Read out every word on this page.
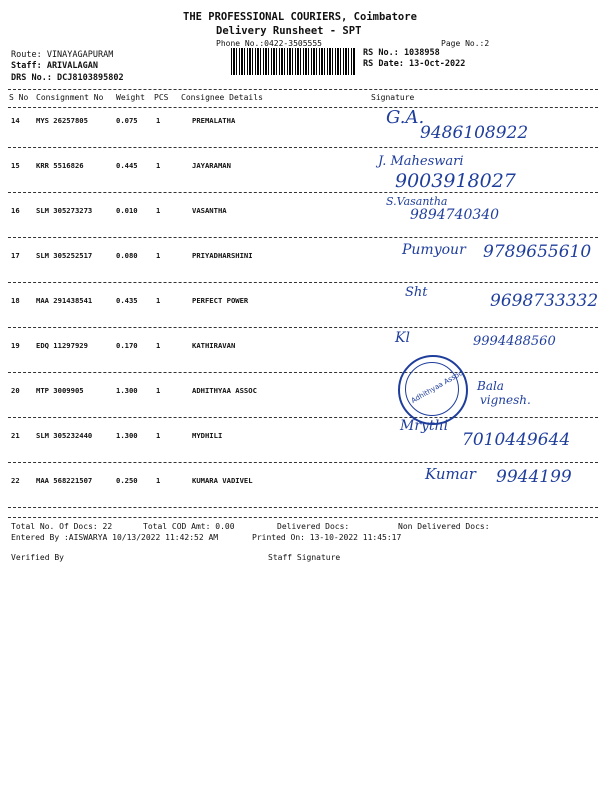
THE PROFESSIONAL COURIERS, Coimbatore
Delivery Runsheet - SPT
Phone No.:0422-3505555	Page No.:2
Route: VINAYAGAPURAM
Staff: ARIVALAGAN
DRS No.: DCJ8103895802
RS No.: 1038958
RS Date: 13-Oct-2022
S No Consignment No Weight PCS Consignee Details	Signature
14 MYS 26257805	0.075	1	PREMALATHA	G.A.
9486108922
15 KRR 5516826	0.445	1	JAYARAMAN	J. Maheswari
9003918027
16 SLM 305273273	0.010	1	VASANTHA
S.Vasantha
9894740340
17 SLM 305252517	0.080	1	PRIYADHARSHINI	Pumyour 9789655610
18 MAA 291438541	0.435	1	PERFECT POWER
Sht	9698733332
19 EDQ 11297929	0.170	1	KATHIRAVAN	Kl	9994488560
20 MTP 3009905	1.300	1	ADHITHYAA ASSOC	Bala
vignesh.
21 SLM 305232440	1.300	1	MYDHILI
Mrythi
7010449644
22 MAA 568221507	0.250	1	KUMARA VADIVEL	Kumar 9944199
Adhithyaa Assoc
Total No. Of Docs: 22	Total COD Amt: 0.00	Delivered Docs:	Non Delivered Docs:
Entered By :AISWARYA 10/13/2022 11:42:52 AM	Printed On: 13-10-2022 11:45:17
Verified By	Staff Signature
